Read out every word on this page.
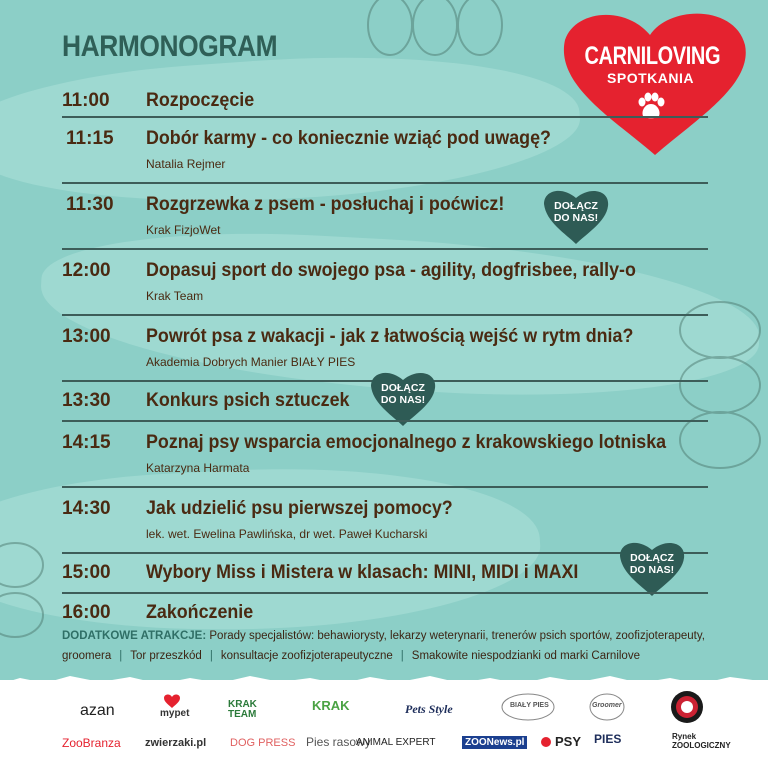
HARMONOGRAM	CARNILOVING
SPOTKANIA
11:00	Rozpoczęcie
11:15	Dobór karmy - co koniecznie wziąć pod uwagę?
Natalia Rejmer
11:30	Rozgrzewka z psem - posłuchaj i poćwicz!
Krak FizjoWet
DOŁĄCZ
DO NAS!
12:00	Dopasuj sport do swojego psa - agility, dogfrisbee, rally-o
Krak Team
13:00	Powrót psa z wakacji - jak z łatwością wejść w rytm dnia?
Akademia Dobrych Manier BIAŁY PIES
13:30	Konkurs psich sztuczek
DOŁĄCZ
DO NAS!
14:15	Poznaj psy wsparcia emocjonalnego z krakowskiego lotniska
Katarzyna Harmata
14:30	Jak udzielić psu pierwszej pomocy?
lek. wet. Ewelina Pawlińska, dr wet. Paweł Kucharski
15:00	Wybory Miss i Mistera w klasach: MINI, MIDI i MAXI
DOŁĄCZ
DO NAS!
16:00	Zakończenie
DODATKOWE ATRAKCJE: Porady specjalistów: behawiorysty, lekarzy weterynarii, trenerów psich sportów, zoofizjoterapeuty,
groomera | Tor przeszkód | konsultacje zoofizjoterapeutyczne | Smakowite niespodzianki od marki Carnilove
azan	mypet
KRAK TEAM
KRAK	Pets Style	BIAŁY PIES	Groomer
ZooBranza zwierzaki.pl DOG PRESS Pies rasowy
ANIMAL EXPERT	ZOONews.pl PSY PIES	Rynek ZOOLOGICZNY
